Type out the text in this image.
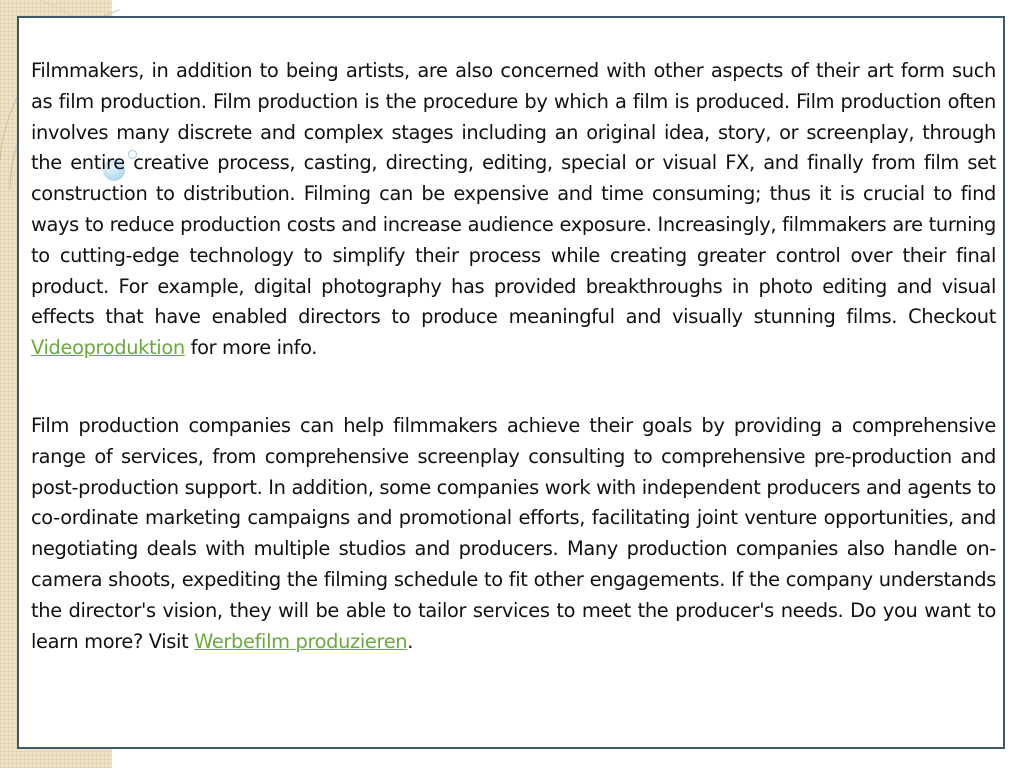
Filmmakers, in addition to being artists, are also concerned with other aspects of their art form such as film production. Film production is the procedure by which a film is produced. Film production often involves many discrete and complex stages including an original idea, story, or screenplay, through the entire creative process, casting, directing, editing, special or visual FX, and finally from film set construction to distribution. Filming can be expensive and time consuming; thus it is crucial to find ways to reduce production costs and increase audience exposure. Increasingly, filmmakers are turning to cutting-edge technology to simplify their process while creating greater control over their final product. For example, digital photography has provided breakthroughs in photo editing and visual effects that have enabled directors to produce meaningful and visually stunning films. Checkout Videoproduktion for more info.

Film production companies can help filmmakers achieve their goals by providing a comprehensive range of services, from comprehensive screenplay consulting to comprehensive pre-production and post-production support. In addition, some companies work with independent producers and agents to co-ordinate marketing campaigns and promotional efforts, facilitating joint venture opportunities, and negotiating deals with multiple studios and producers. Many production companies also handle on-camera shoots, expediting the filming schedule to fit other engagements. If the company understands the director's vision, they will be able to tailor services to meet the producer's needs. Do you want to learn more? Visit Werbefilm produzieren.
